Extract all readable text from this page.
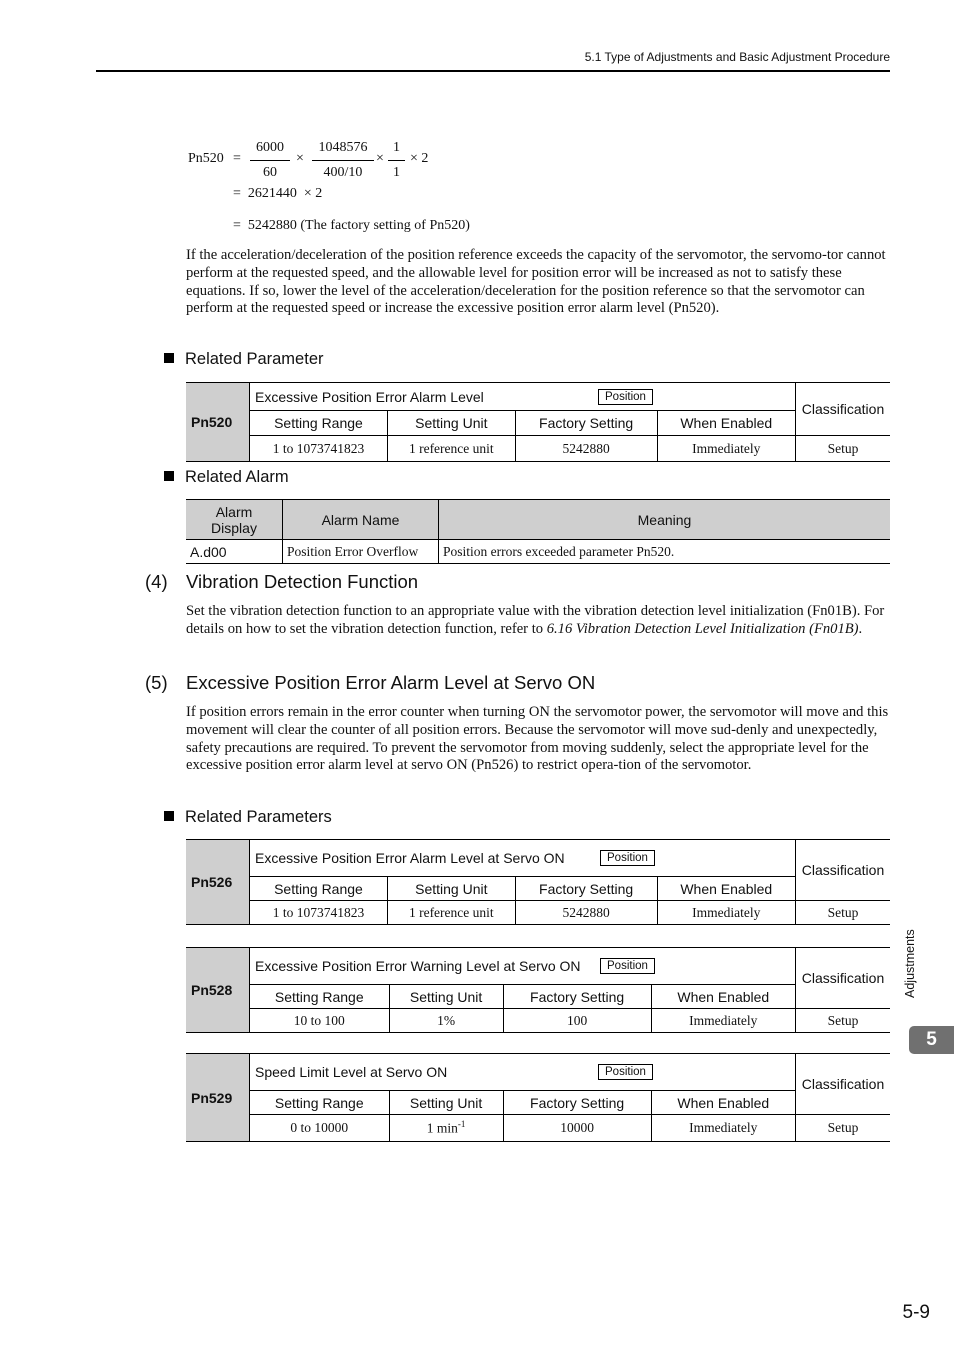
5.1 Type of Adjustments and Basic Adjustment Procedure
$Pn520 = \frac{6000}{60} \times \frac{1048576}{400/10} \times \frac{1}{1} \times 2$
=  2621440  × 2
=  5242880 (The factory setting of Pn520)

If the acceleration/deceleration of the position reference exceeds the capacity of the servomotor, the servomo-tor cannot perform at the requested speed, and the allowable level for position error will be increased as not to satisfy these equations. If so, lower the level of the acceleration/deceleration for the position reference so that the servomotor can perform at the requested speed or increase the excessive position error alarm level (Pn520).

Related Parameter
Pn520	Excessive Position Error Alarm Level Position				Classification
	Setting Range	Setting Unit	Factory Setting	When Enabled	
	1 to 1073741823	1 reference unit	5242880	Immediately	Setup
Related Alarm
Alarm
Display	Alarm Name	Meaning
A.d00	Position Error Overflow	Position errors exceeded parameter Pn520.
(4) Vibration Detection Function

Set the vibration detection function to an appropriate value with the vibration detection level initialization (Fn01B). For details on how to set the vibration detection function, refer to 6.16 Vibration Detection Level Initialization (Fn01B).

(5) Excessive Position Error Alarm Level at Servo ON

If position errors remain in the error counter when turning ON the servomotor power, the servomotor will move and this movement will clear the counter of all position errors. Because the servomotor will move sud-denly and unexpectedly, safety precautions are required. To prevent the servomotor from moving suddenly, select the appropriate level for the excessive position error alarm level at servo ON (Pn526) to restrict opera-tion of the servomotor.

Related Parameters
Pn526	Excessive Position Error Alarm Level at Servo ON Position				Classification
	Setting Range	Setting Unit	Factory Setting	When Enabled	
	1 to 1073741823	1 reference unit	5242880	Immediately	Setup
Pn528	Excessive Position Error Warning Level at Servo ON Position				Classification
	Setting Range	Setting Unit	Factory Setting	When Enabled	
	10 to 100	1%	100	Immediately	Setup
Pn529	Speed Limit Level at Servo ON Position				Classification
	Setting Range	Setting Unit	Factory Setting	When Enabled	
	0 to 10000	1 $\min^{-1}$	10000	Immediately	Setup
Adjustments
5
5-9
